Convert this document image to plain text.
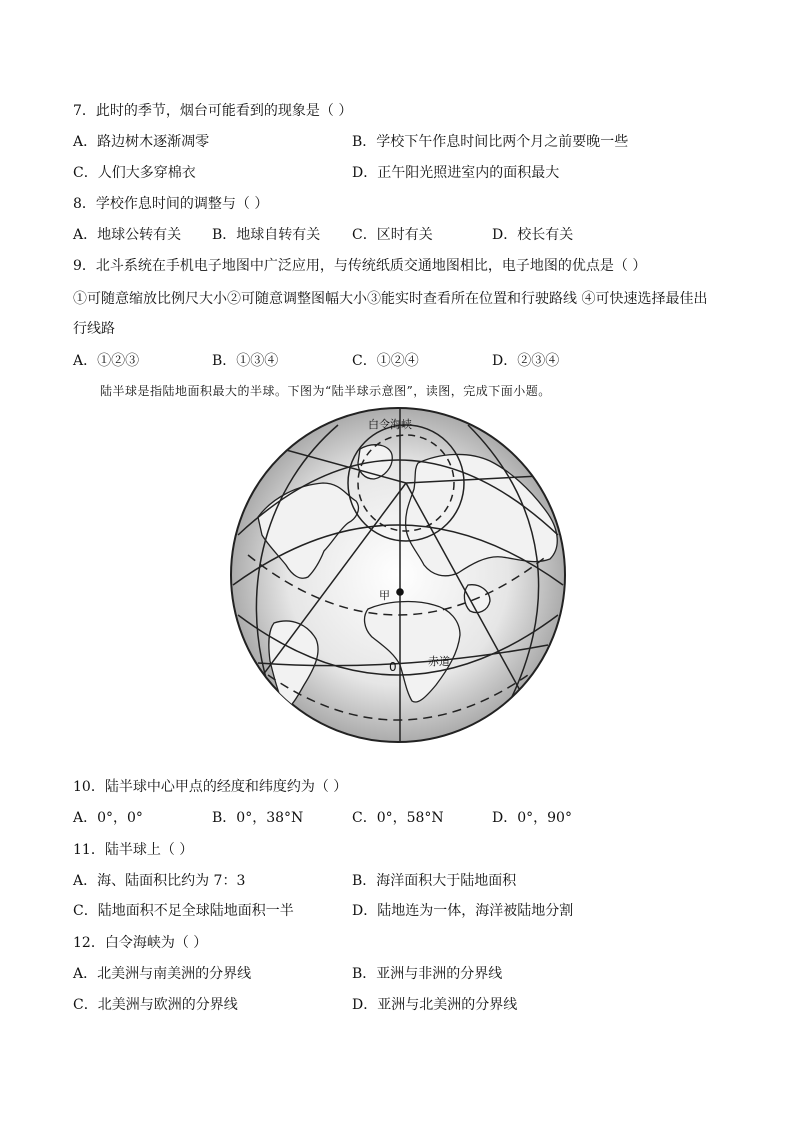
7．此时的季节，烟台可能看到的现象是（ ）
A．路边树木逐渐凋零	B．学校下午作息时间比两个月之前要晚一些
C．人们大多穿棉衣	D．正午阳光照进室内的面积最大
8．学校作息时间的调整与（ ）
A．地球公转有关 B．地球自转有关 C．区时有关	D．校长有关
9．北斗系统在手机电子地图中广泛应用，与传统纸质交通地图相比，电子地图的优点是（ ）
①可随意缩放比例尺大小②可随意调整图幅大小③能实时查看所在位置和行驶路线 ④可快速选择最佳出
行线路
A．①②③	B．①③④	C．①②④	D．②③④
陆半球是指陆地面积最大的半球。下图为“陆半球示意图”，读图，完成下面小题。
白令海峡
甲
赤道
0
10．陆半球中心甲点的经度和纬度约为（ ）
A．0°，0°	B．0°，38°N	C．0°，58°N	D．0°，90°
11．陆半球上（ ）
A．海、陆面积比约为 7：3	B．海洋面积大于陆地面积
C．陆地面积不足全球陆地面积一半	D．陆地连为一体，海洋被陆地分割
12．白令海峡为（ ）
A．北美洲与南美洲的分界线	B．亚洲与非洲的分界线
C．北美洲与欧洲的分界线	D．亚洲与北美洲的分界线
